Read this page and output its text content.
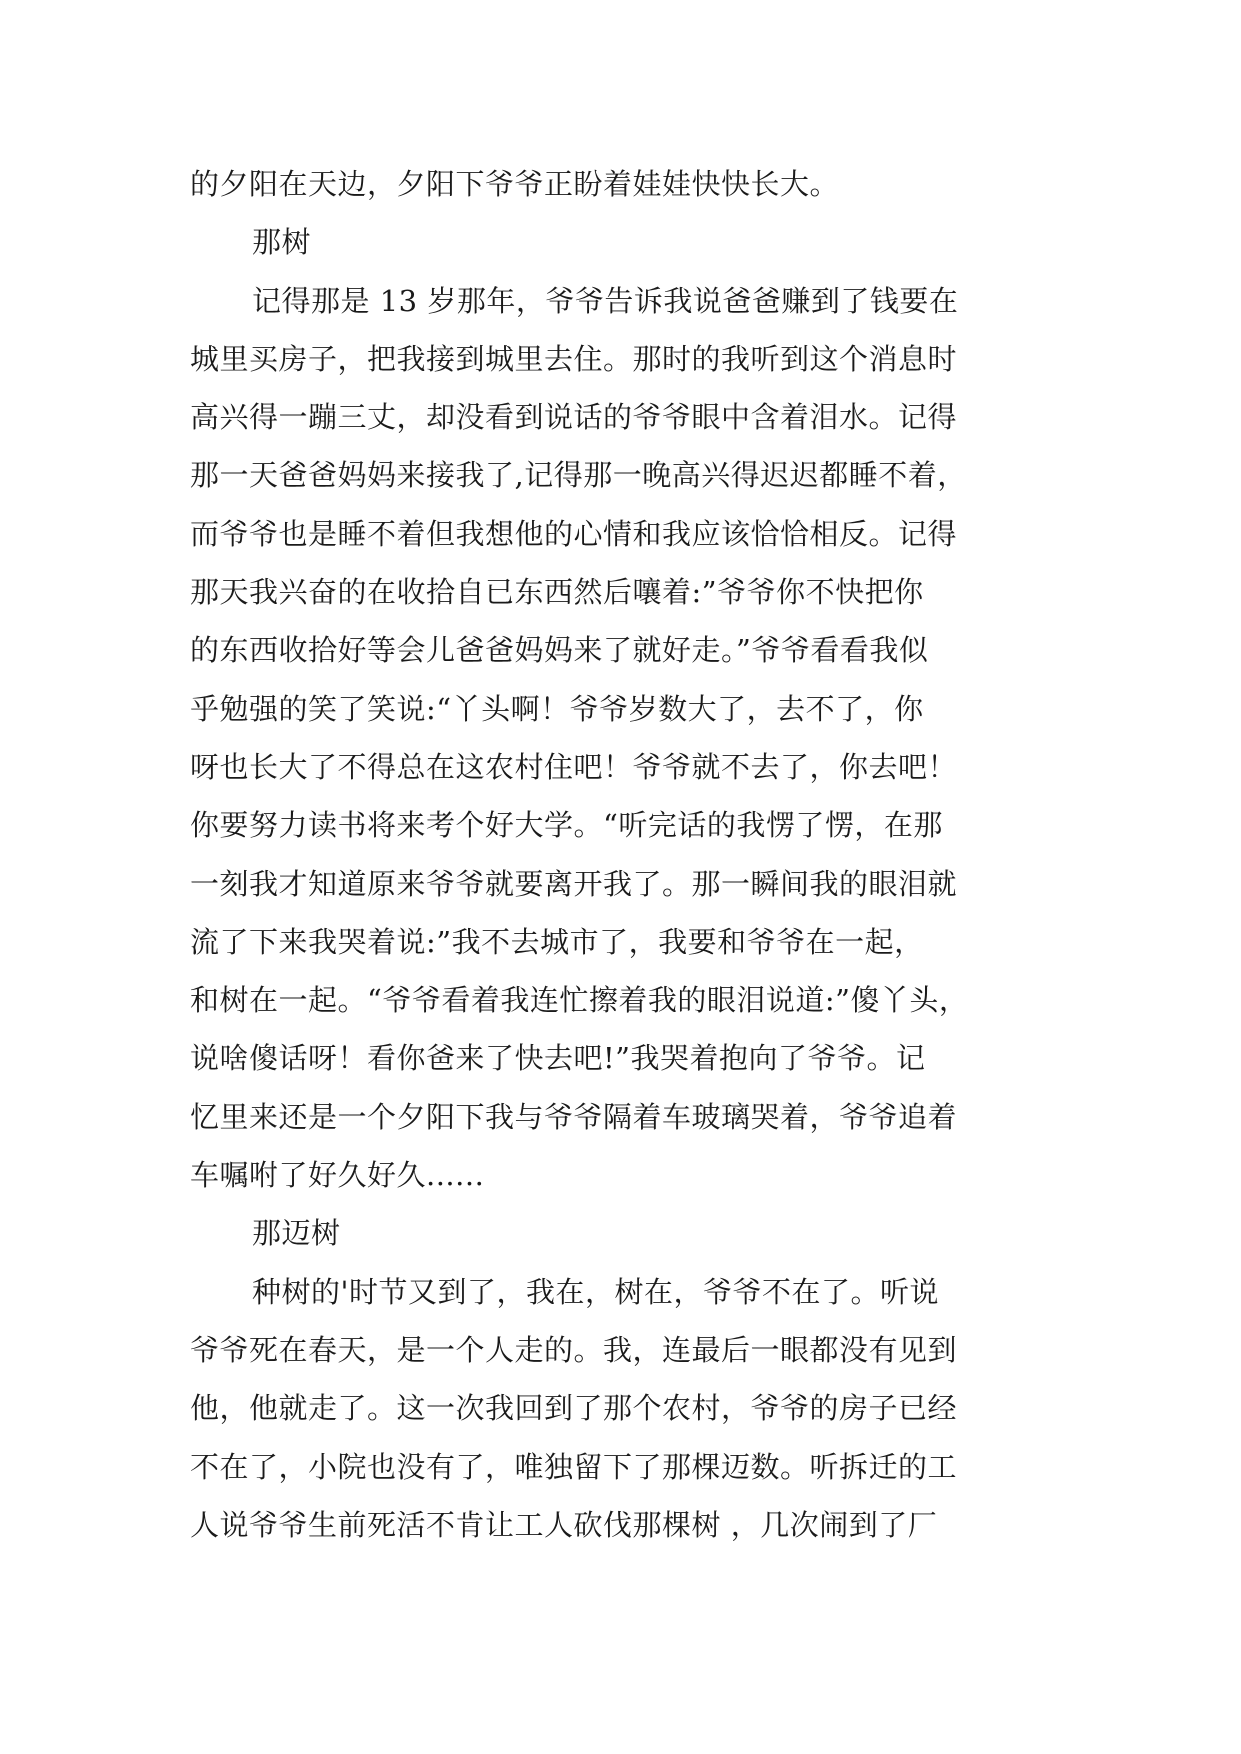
的夕阳在天边，夕阳下爷爷正盼着娃娃快快长大。
那树
记得那是 13 岁那年，爷爷告诉我说爸爸赚到了钱要在
城里买房子，把我接到城里去住。那时的我听到这个消息时
高兴得一蹦三丈，却没看到说话的爷爷眼中含着泪水。记得
那一天爸爸妈妈来接我了,记得那一晚高兴得迟迟都睡不着，
而爷爷也是睡不着但我想他的心情和我应该恰恰相反。记得
那天我兴奋的在收拾自已东西然后嚷着:”爷爷你不快把你
的东西收拾好等会儿爸爸妈妈来了就好走。”爷爷看看我似
乎勉强的笑了笑说:“丫头啊！爷爷岁数大了，去不了，你
呀也长大了不得总在这农村住吧！爷爷就不去了，你去吧！
你要努力读书将来考个好大学。“听完话的我愣了愣，在那
一刻我才知道原来爷爷就要离开我了。那一瞬间我的眼泪就
流了下来我哭着说:”我不去城市了，我要和爷爷在一起，
和树在一起。“爷爷看着我连忙擦着我的眼泪说道:”傻丫头，
说啥傻话呀！看你爸来了快去吧!”我哭着抱向了爷爷。记
忆里来还是一个夕阳下我与爷爷隔着车玻璃哭着，爷爷追着
车嘱咐了好久好久......
那迈树
种树的'时节又到了，我在，树在，爷爷不在了。听说
爷爷死在春天，是一个人走的。我，连最后一眼都没有见到
他，他就走了。这一次我回到了那个农村，爷爷的房子已经
不在了，小院也没有了，唯独留下了那棵迈数。听拆迁的工
人说爷爷生前死活不肯让工人砍伐那棵树 ，几次闹到了厂
